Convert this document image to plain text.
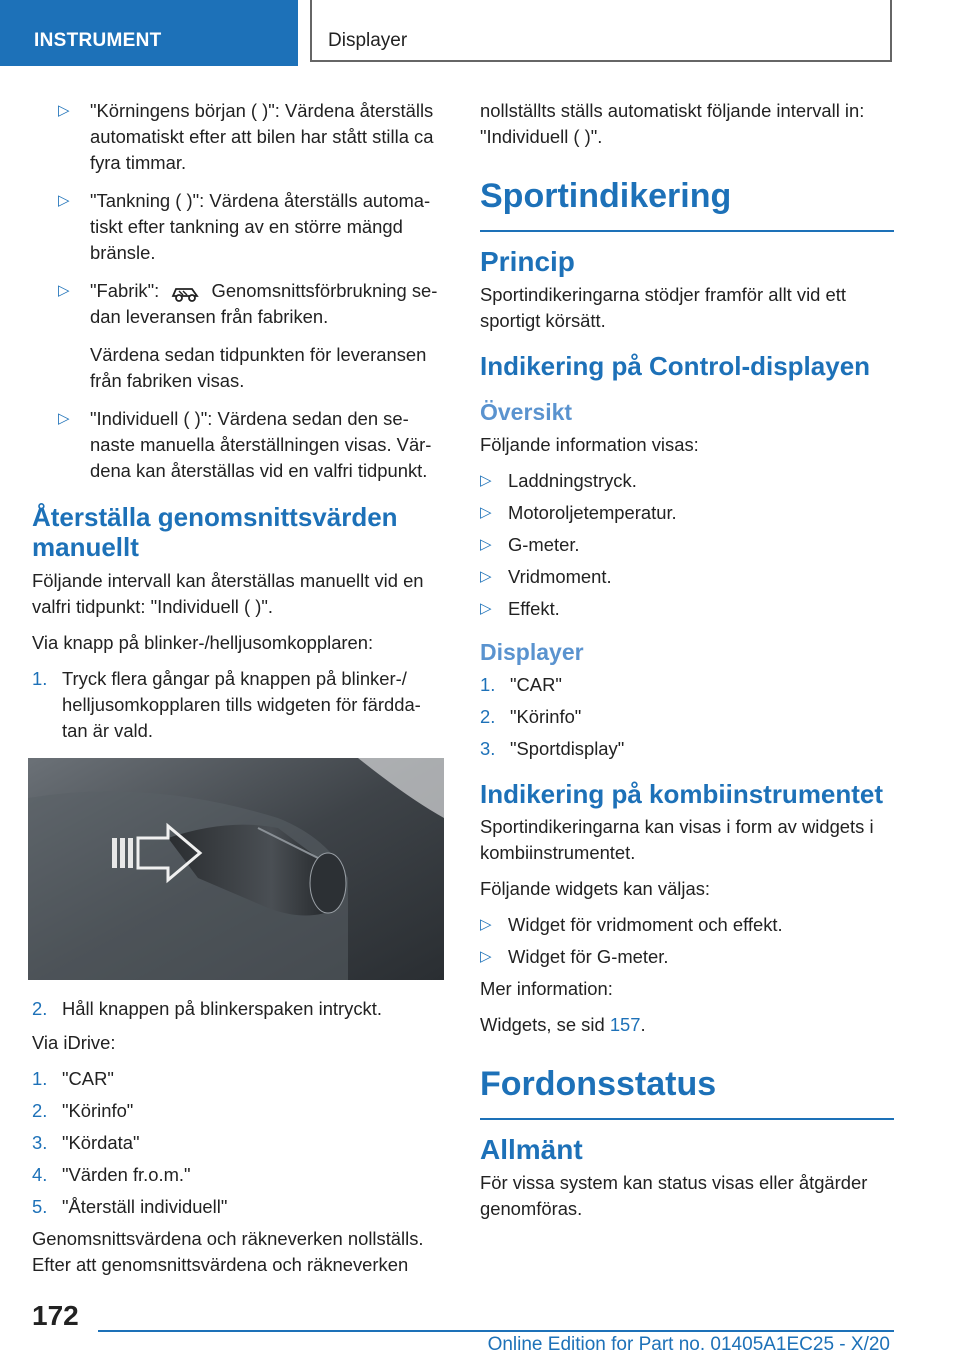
INSTRUMENT	Displayer
▷ "Körningens början ( )": Värdena återställs automatiskt efter att bilen har stått stilla ca fyra timmar.
▷ "Tankning ( )": Värdena återställs automa‐tiskt efter tankning av en större mängd bränsle.
▷ "Fabrik":	Genomsnittsförbrukning se‐dan leveransen från fabriken.
Värdena sedan tidpunkten för leveransen från fabriken visas.
▷ "Individuell ( )": Värdena sedan den se‐naste manuella återställningen visas. Vär‐dena kan återställas vid en valfri tidpunkt.
Återställa genomsnittsvärden manuellt

Följande intervall kan återställas manuellt vid en valfri tidpunkt: "Individuell ( )".

Via knapp på blinker-/helljusomkopplaren:

1. Tryck flera gångar på knappen på blinker-/ helljusomkopplaren tills widgeten för färdda‐tan är vald.
2. Håll knappen på blinkerspaken intryckt.

Via iDrive:

1. "CAR"
2. "Körinfo"
3. "Kördata"
4. "Värden fr.o.m."
5. "Återställ individuell"

Genomsnittsvärdena och räkneverken nollställs. Efter att genomsnittsvärdena och räkneverken

nollställts ställs automatiskt följande intervall in: "Individuell ( )".

Sportindikering
Princip

Sportindikeringarna stödjer framför allt vid ett sportigt körsätt.

Indikering på Control-displayen
Översikt

Följande information visas:

▷ Laddningstryck.
▷ Motoroljetemperatur.
▷ G-meter.
▷ Vridmoment.
▷ Effekt.
Displayer
1. "CAR"
2. "Körinfo"
3. "Sportdisplay"
Indikering på kombiinstrumentet

Sportindikeringarna kan visas i form av widgets i kombiinstrumentet.

Följande widgets kan väljas:

▷ Widget för vridmoment och effekt.
▷ Widget för G-meter.

Mer information:

Widgets, se sid 157.

Fordonsstatus
Allmänt

För vissa system kan status visas eller åtgärder genomföras.

172
Online Edition for Part no. 01405A1EC25 - X/20
